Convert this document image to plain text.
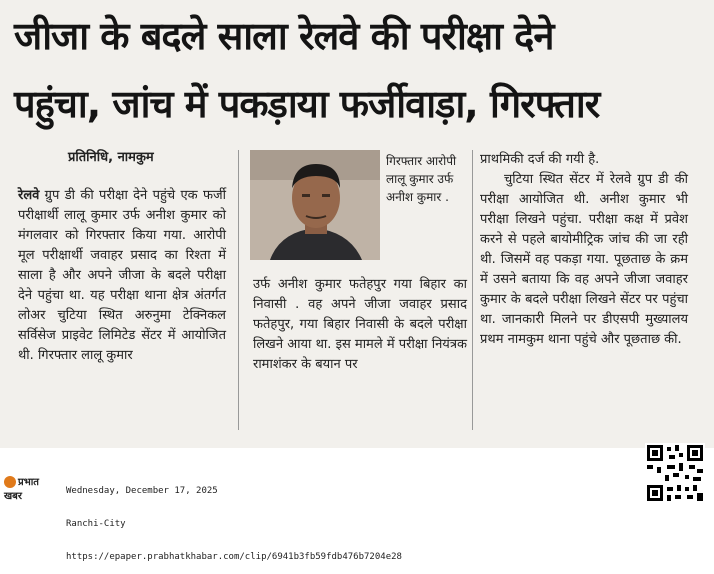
जीजा के बदले साला रेलवे की परीक्षा देने
पहुंचा, जांच में पकड़ाया फर्जीवाड़ा, गिरफ्तार
प्रतिनिधि, नामकुम

रेलवे ग्रुप डी की परीक्षा देने पहुंचे एक फर्जी परीक्षार्थी लालू कुमार उर्फ अनीश कुमार को मंगलवार को गिरफ्तार किया गया. आरोपी मूल परीक्षार्थी जवाहर प्रसाद का रिश्ता में साला है और अपने जीजा के बदले परीक्षा देने पहुंचा था. यह परीक्षा थाना क्षेत्र अंतर्गत लोअर चुटिया स्थित अरुनुमा टेक्निकल सर्विसेज प्राइवेट लिमिटेड सेंटर में आयोजित थी. गिरफ्तार लालू कुमार

गिरफ्तार आरोपी लालू कुमार उर्फ अनीश कुमार .

उर्फ अनीश कुमार फतेहपुर गया बिहार का निवासी . वह अपने जीजा जवाहर प्रसाद फतेहपुर, गया बिहार निवासी के बदले परीक्षा लिखने आया था. इस मामले में परीक्षा नियंत्रक रामाशंकर के बयान पर

प्राथमिकी दर्ज की गयी है.

चुटिया स्थित सेंटर में रेलवे ग्रुप डी की परीक्षा आयोजित थी. अनीश कुमार भी परीक्षा लिखने पहुंचा. परीक्षा कक्ष में प्रवेश करने से पहले बायोमीट्रिक जांच की जा रही थी. जिसमें वह पकड़ा गया. पूछताछ के क्रम में उसने बताया कि वह अपने जीजा जवाहर कुमार के बदले परीक्षा लिखने सेंटर पर पहुंचा था. जानकारी मिलने पर डीएसपी मुख्यालय प्रथम नामकुम थाना पहुंचे और पूछताछ की.

प्रभात खबर

	Wednesday, December 17, 2025

Ranchi-City

https://epaper.prabhatkhabar.com/clip/6941b3fb59fdb476b7204e28
